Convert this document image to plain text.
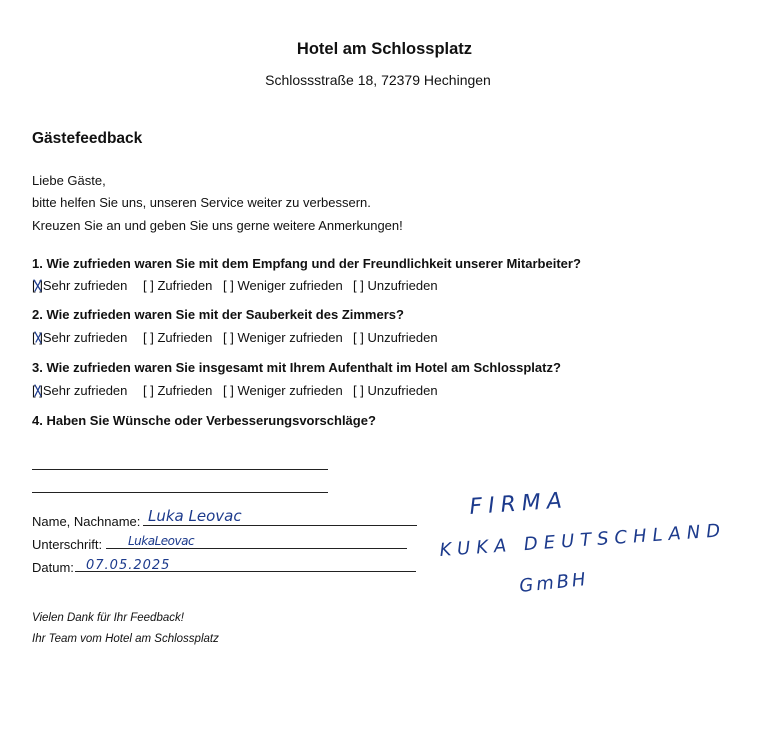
Hotel am Schlossplatz
Schlossstraße 18, 72379 Hechingen
Gästefeedback
Liebe Gäste,
bitte helfen Sie uns, unseren Service weiter zu verbessern.
Kreuzen Sie an und geben Sie uns gerne weitere Anmerkungen!
1. Wie zufrieden waren Sie mit dem Empfang und der Freundlichkeit unserer Mitarbeiter?
[ ]
Sehr zufrieden	[ ] Zufrieden [ ] Weniger zufrieden [ ] Unzufrieden
2. Wie zufrieden waren Sie mit der Sauberkeit des Zimmers?
[ ]
Sehr zufrieden	[ ] Zufrieden [ ] Weniger zufrieden [ ] Unzufrieden
3. Wie zufrieden waren Sie insgesamt mit Ihrem Aufenthalt im Hotel am Schlossplatz?
[ ]
Sehr zufrieden	[ ] Zufrieden [ ] Weniger zufrieden [ ] Unzufrieden
4. Haben Sie Wünsche oder Verbesserungsvorschläge?
Name, Nachname: Luka Leovac
Unterschrift: LukaLeovac
Datum: 07.05.2025
FIRMA
KUKA DEUTSCHLAND
GmBH
Vielen Dank für Ihr Feedback!
Ihr Team vom Hotel am Schlossplatz
